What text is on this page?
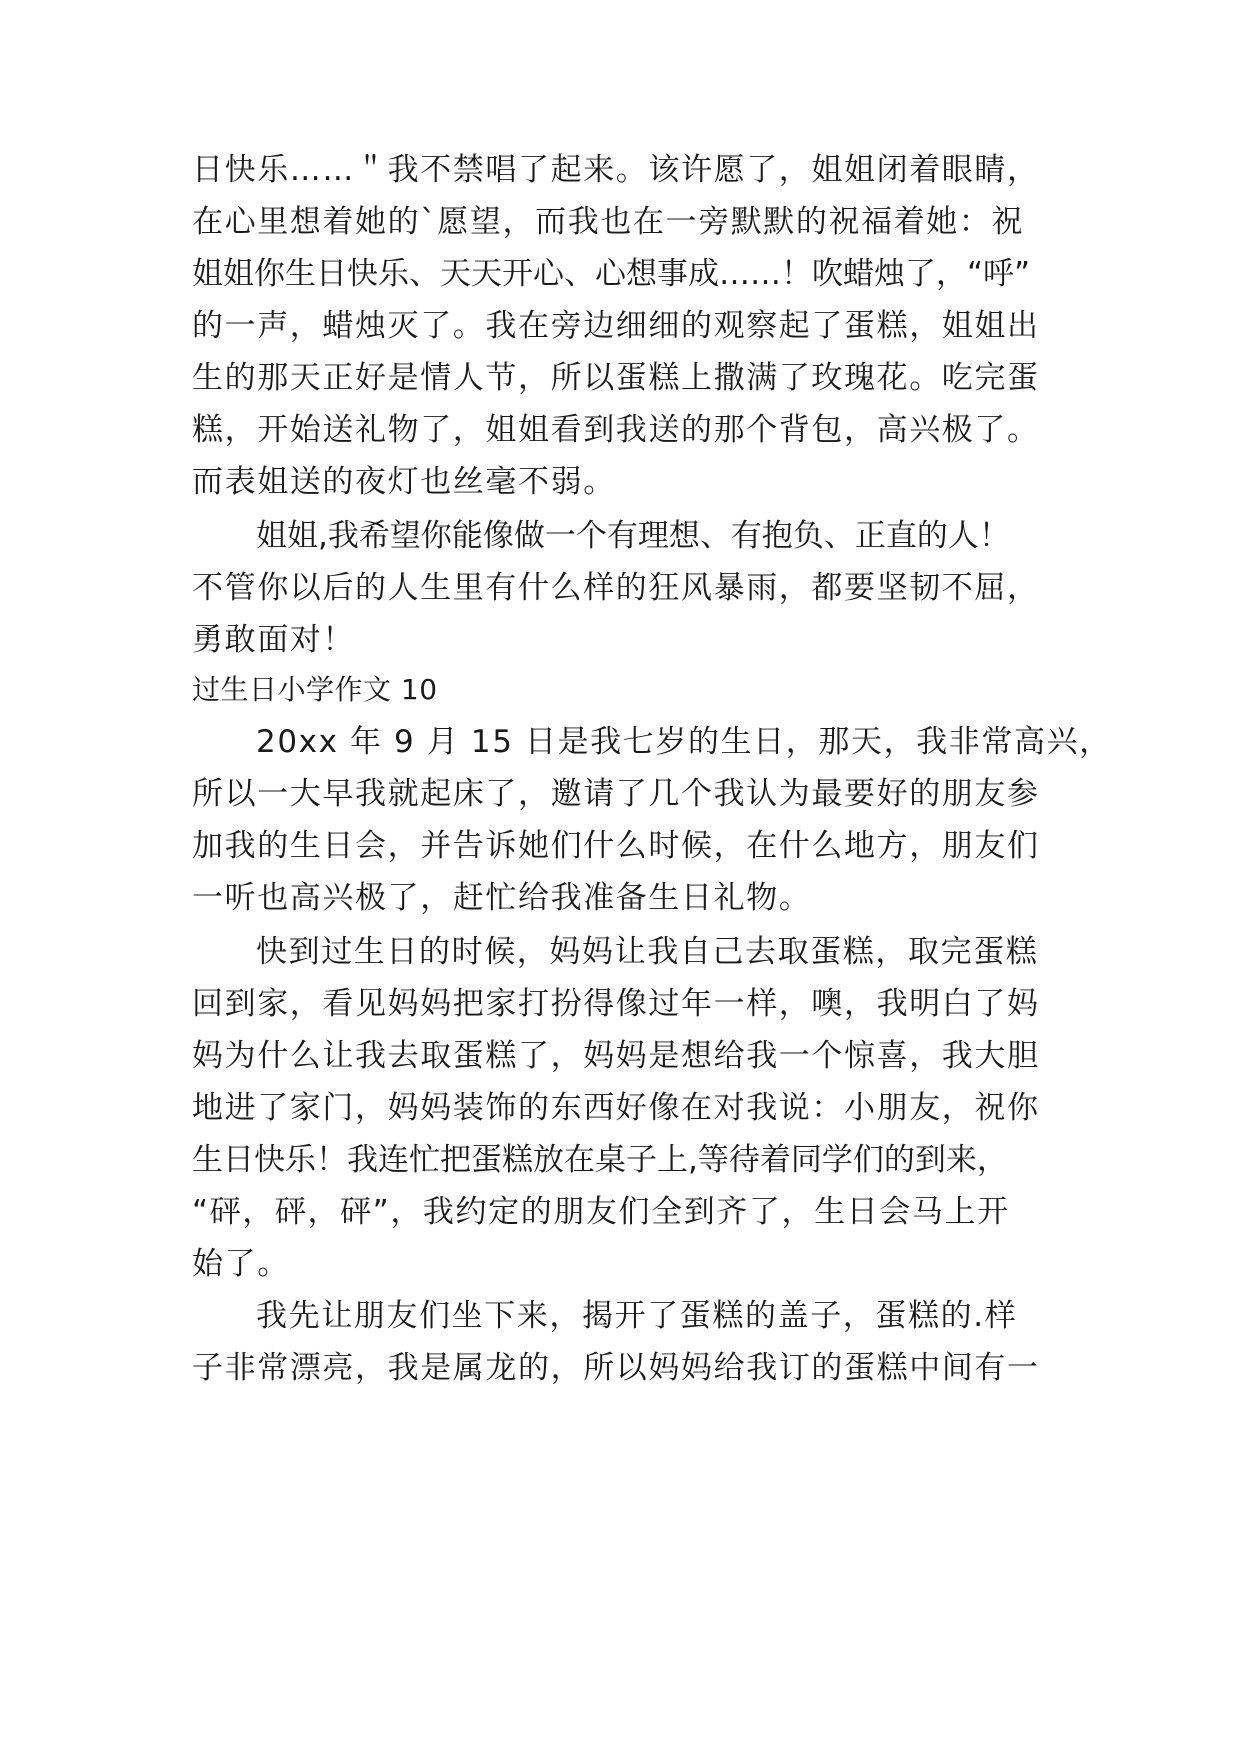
日快乐……＂我不禁唱了起来。该许愿了，姐姐闭着眼睛，
在心里想着她的`愿望，而我也在一旁默默的祝福着她：祝
姐姐你生日快乐、天天开心、心想事成……！吹蜡烛了，“呼”
的一声，蜡烛灭了。我在旁边细细的观察起了蛋糕，姐姐出
生的那天正好是情人节，所以蛋糕上撒满了玫瑰花。吃完蛋
糕，开始送礼物了，姐姐看到我送的那个背包，高兴极了。
而表姐送的夜灯也丝毫不弱。
姐姐,我希望你能像做一个有理想、有抱负、正直的人！
不管你以后的人生里有什么样的狂风暴雨，都要坚韧不屈，
勇敢面对！
过生日小学作文 10
20xx 年 9 月 15 日是我七岁的生日，那天，我非常高兴，
所以一大早我就起床了，邀请了几个我认为最要好的朋友参
加我的生日会，并告诉她们什么时候，在什么地方，朋友们
一听也高兴极了，赶忙给我准备生日礼物。
快到过生日的时候，妈妈让我自己去取蛋糕，取完蛋糕
回到家，看见妈妈把家打扮得像过年一样，噢，我明白了妈
妈为什么让我去取蛋糕了，妈妈是想给我一个惊喜，我大胆
地进了家门，妈妈装饰的东西好像在对我说：小朋友，祝你
生日快乐！我连忙把蛋糕放在桌子上,等待着同学们的到来，
“砰，砰，砰”，我约定的朋友们全到齐了，生日会马上开
始了。
我先让朋友们坐下来，揭开了蛋糕的盖子，蛋糕的.样
子非常漂亮，我是属龙的，所以妈妈给我订的蛋糕中间有一
